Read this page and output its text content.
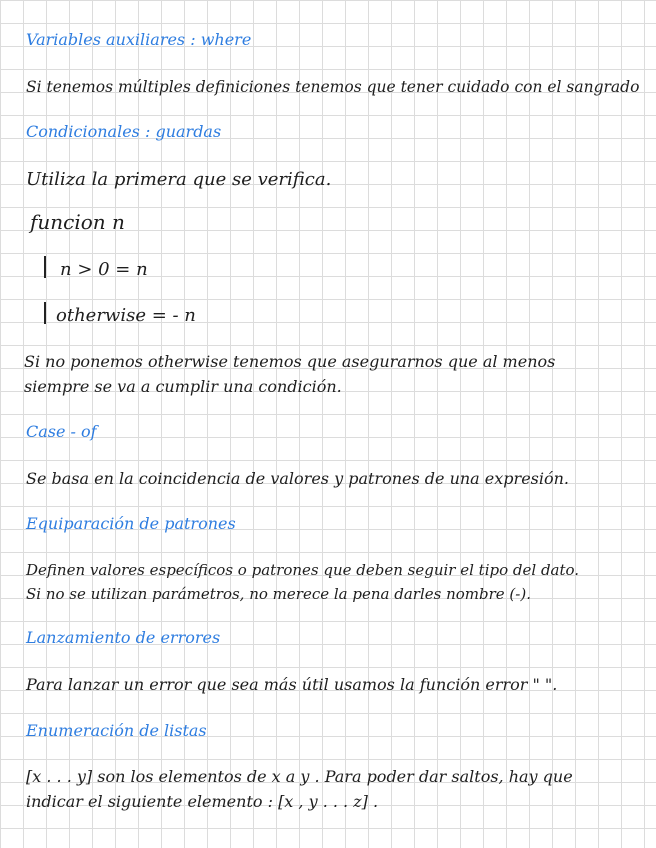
Variables auxiliares : where
Si tenemos múltiples definiciones tenemos que tener cuidado con el sangrado
Condicionales : guardas
Utiliza la primera que se verifica.
funcion n
n > 0 = n
otherwise = - n
Si no ponemos otherwise tenemos que asegurarnos que al menos
siempre se va a cumplir una condición.
Case - of
Se basa en la coincidencia de valores y patrones de una expresión.
Equiparación de patrones
Definen valores específicos o patrones que deben seguir el tipo del dato.
Si no se utilizan parámetros, no merece la pena darles nombre (-).
Lanzamiento de errores
Para lanzar un error que sea más útil usamos la función error " ".
Enumeración de listas
[x . . . y] son los elementos de x a y . Para poder dar saltos, hay que
indicar el siguiente elemento : [x , y . . . z] .
